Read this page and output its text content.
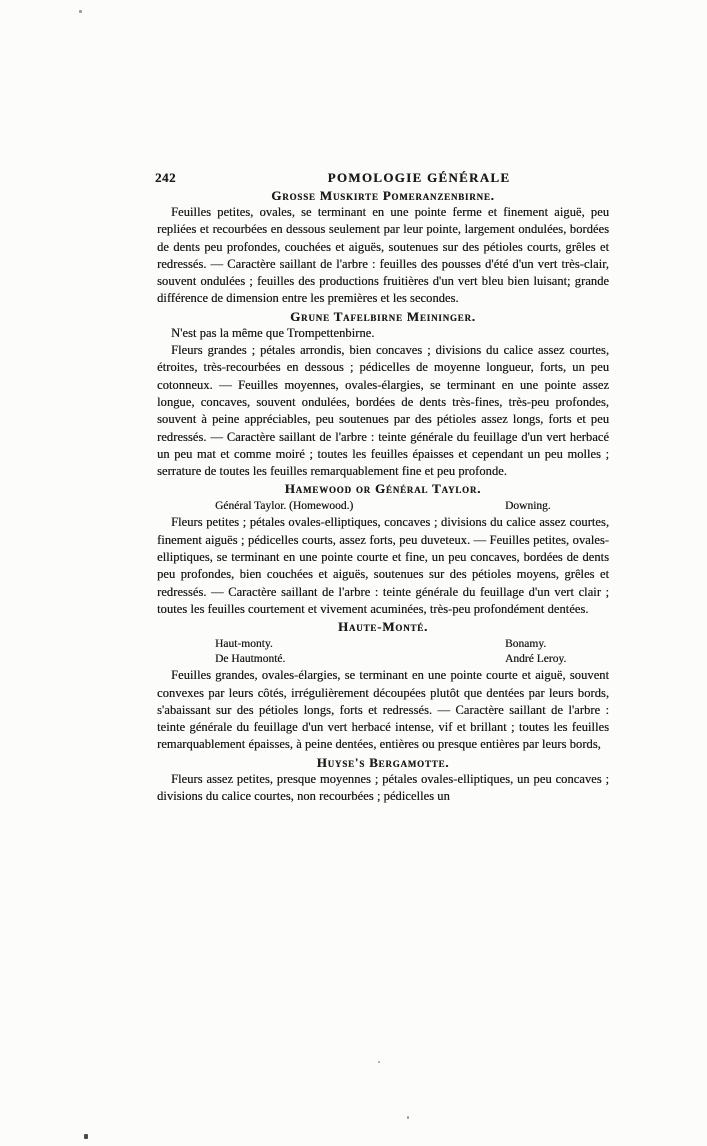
242	POMOLOGIE GÉNÉRALE
Grosse Muskirte Pomeranzenbirne.

Feuilles petites, ovales, se terminant en une pointe ferme et finement aiguë, peu repliées et recourbées en dessous seulement par leur pointe, largement ondulées, bordées de dents peu profondes, couchées et aiguës, soutenues sur des pétioles courts, grêles et redressés. — Caractère saillant de l'arbre : feuilles des pousses d'été d'un vert très-clair, souvent ondulées ; feuilles des productions fruitières d'un vert bleu bien luisant; grande différence de dimension entre les premières et les secondes.

Grune Tafelbirne Meininger.

N'est pas la même que Trompettenbirne.

Fleurs grandes ; pétales arrondis, bien concaves ; divisions du calice assez courtes, étroites, très-recourbées en dessous ; pédicelles de moyenne longueur, forts, un peu cotonneux. — Feuilles moyennes, ovales-élargies, se terminant en une pointe assez longue, concaves, souvent ondulées, bordées de dents très-fines, très-peu profondes, souvent à peine appréciables, peu soutenues par des pétioles assez longs, forts et peu redressés. — Caractère saillant de l'arbre : teinte générale du feuillage d'un vert herbacé un peu mat et comme moiré ; toutes les feuilles épaisses et cependant un peu molles ; serrature de toutes les feuilles remarquablement fine et peu profonde.

Hamewood or Général Taylor.
Général Taylor. (Homewood.)	Downing.

Fleurs petites ; pétales ovales-elliptiques, concaves ; divisions du calice assez courtes, finement aiguës ; pédicelles courts, assez forts, peu duveteux. — Feuilles petites, ovales-elliptiques, se terminant en une pointe courte et fine, un peu concaves, bordées de dents peu profondes, bien couchées et aiguës, soutenues sur des pétioles moyens, grêles et redressés. — Caractère saillant de l'arbre : teinte générale du feuillage d'un vert clair ; toutes les feuilles courtement et vivement acuminées, très-peu profondément dentées.

Haute-Monté.
Haut-monty.
De Hautmonté.
Bonamy.
André Leroy.

Feuilles grandes, ovales-élargies, se terminant en une pointe courte et aiguë, souvent convexes par leurs côtés, irrégulièrement découpées plutôt que dentées par leurs bords, s'abaissant sur des pétioles longs, forts et redressés. — Caractère saillant de l'arbre : teinte générale du feuillage d'un vert herbacé intense, vif et brillant ; toutes les feuilles remarquablement épaisses, à peine dentées, entières ou presque entières par leurs bords,

Huyse's Bergamotte.

Fleurs assez petites, presque moyennes ; pétales ovales-elliptiques, un peu concaves ; divisions du calice courtes, non recourbées ; pédicelles un
